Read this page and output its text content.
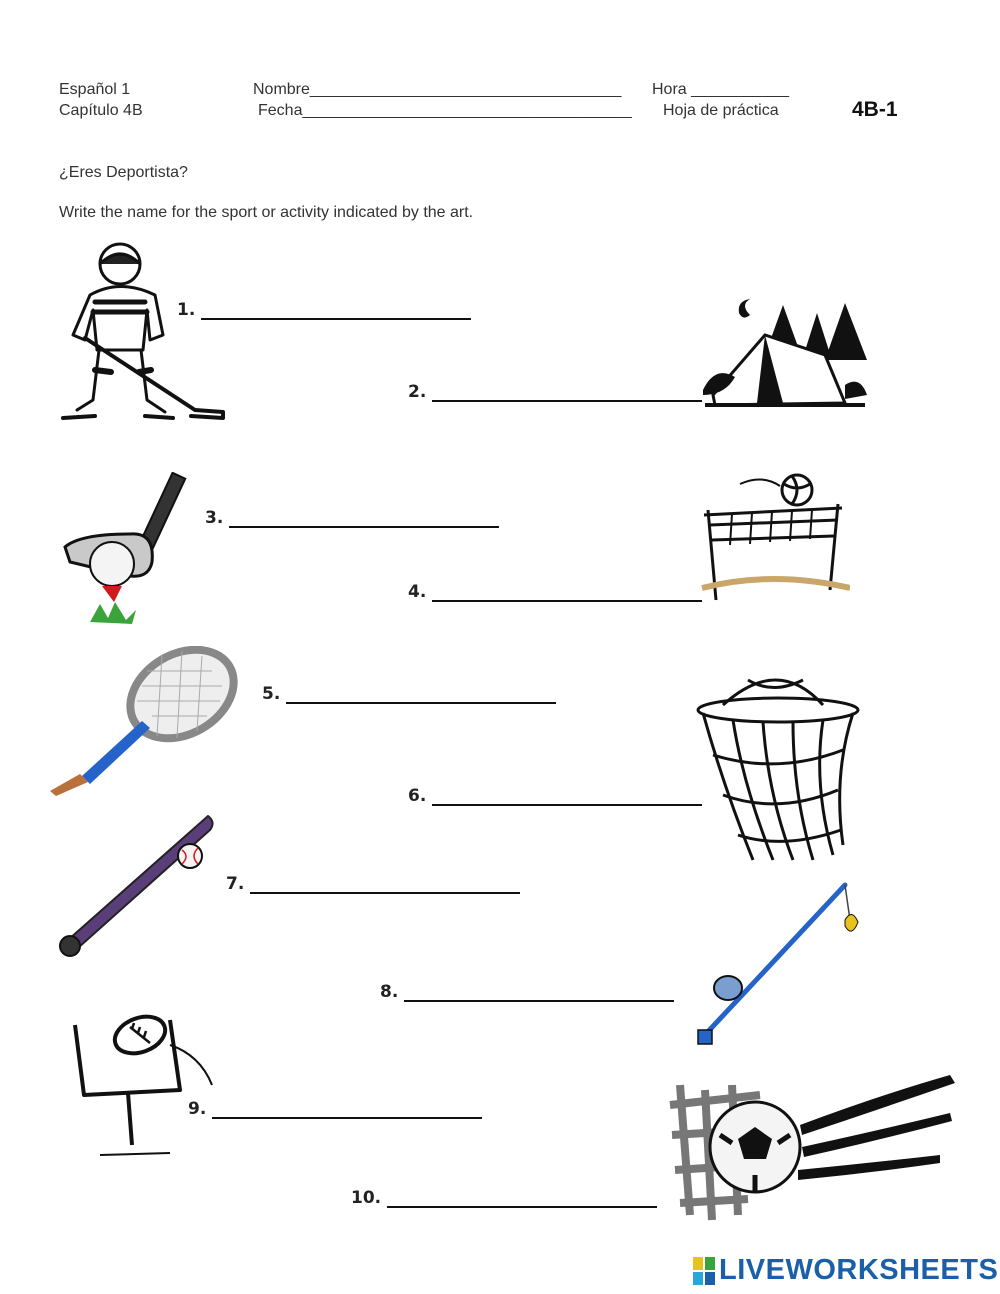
Español 1
Capítulo 4B
Nombre___________________________________ Hora ___________
Fecha_____________________________________ Hoja de práctica	4B-1
¿Eres Deportista?
Write the name for the sport or activity indicated by the art.
1.
2.
3.
4.
5.
6.
7.
8.
9.
10.
LIVEWORKSHEETS
